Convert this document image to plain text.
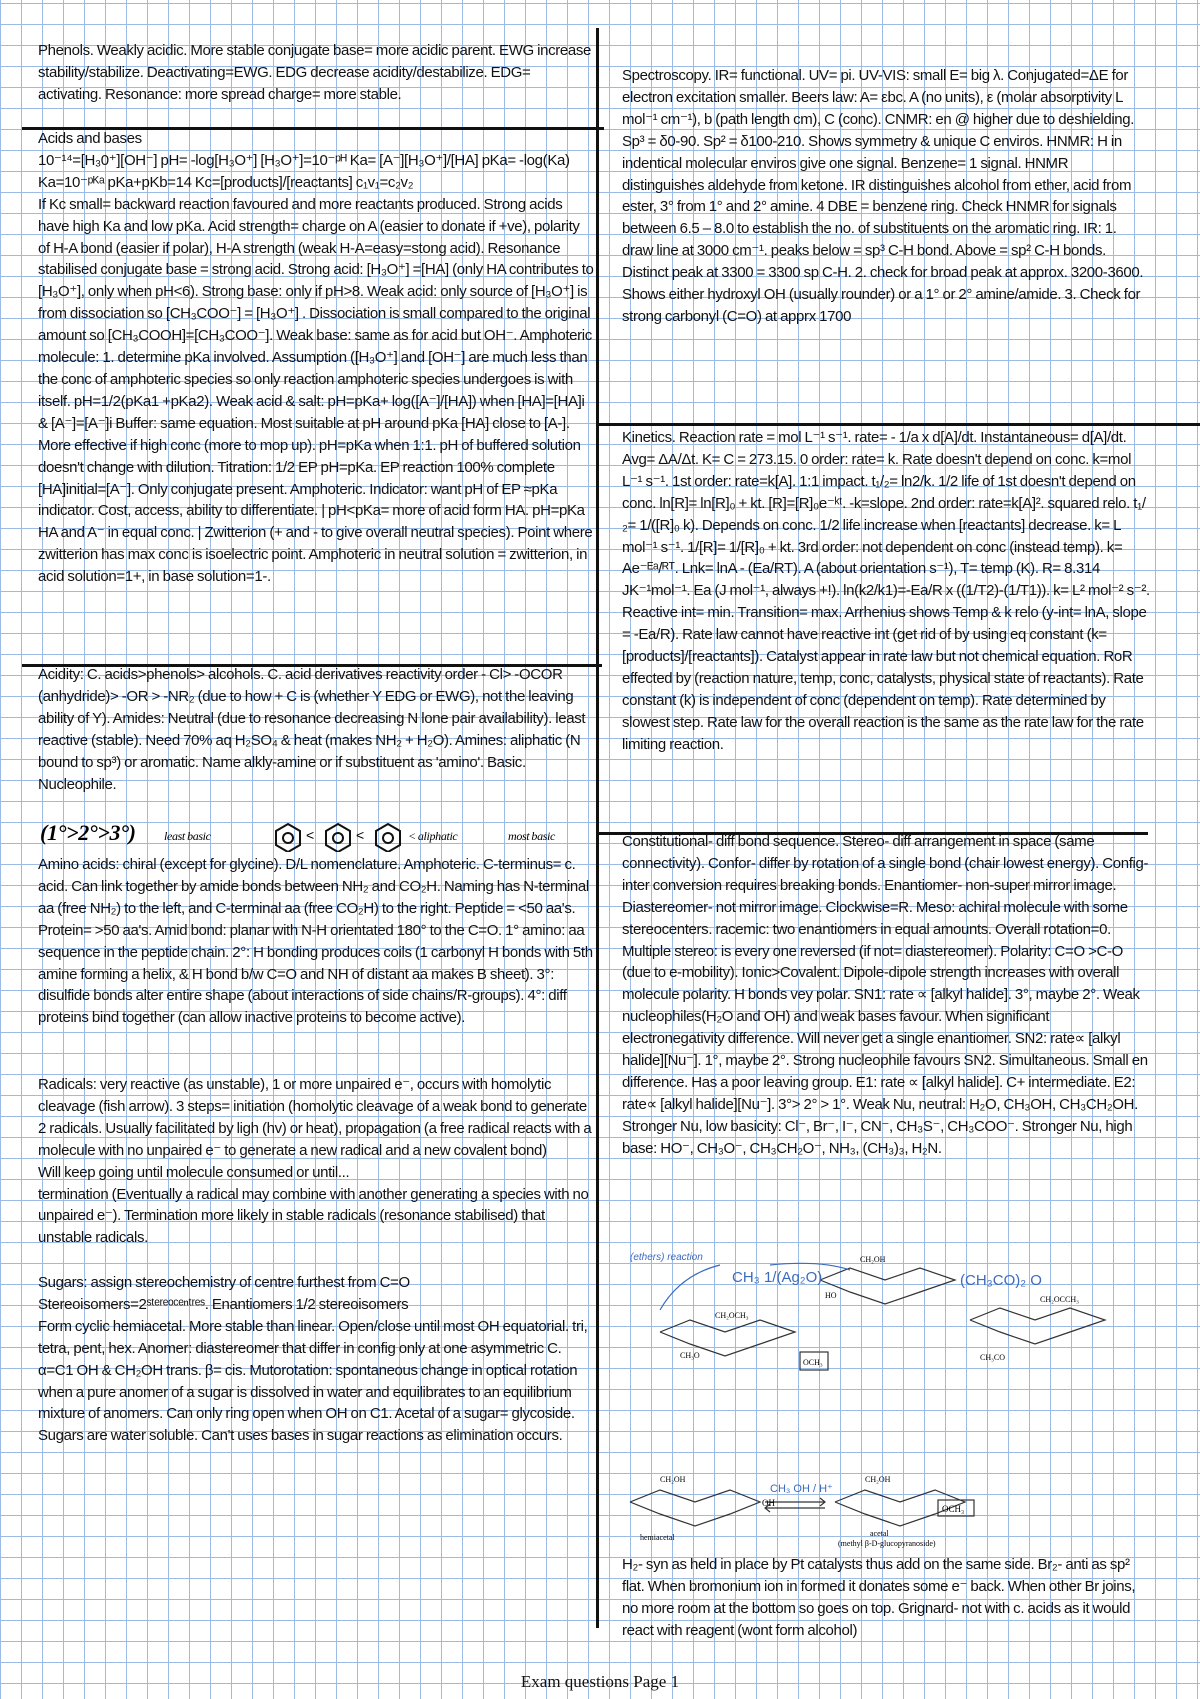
Phenols. Weakly acidic. More stable conjugate base= more acidic parent. EWG increase stability/stabilize. Deactivating=EWG. EDG decrease acidity/destabilize. EDG= activating. Resonance: more spread charge= more stable.

Acids and bases

10⁻¹⁴=[H₃0⁺][OH⁻] pH= -log[H₃O⁺] [H₃O⁺]=10⁻ᵖᴴ Ka= [A⁻][H₃O⁺]/[HA] pKa= -log(Ka) Ka=10⁻ᵖᴷᵃ pKa+pKb=14 Kc=[products]/[reactants] c₁v₁=c₂v₂

If Kc small= backward reaction favoured and more reactants produced. Strong acids have high Ka and low pKa. Acid strength= charge on A (easier to donate if +ve), polarity of H-A bond (easier if polar), H-A strength (weak H-A=easy=stong acid). Resonance stabilised conjugate base = strong acid. Strong acid: [H₃O⁺] =[HA] (only HA contributes to [H₃O⁺], only when pH<6). Strong base: only if pH>8. Weak acid: only source of [H₃O⁺] is from dissociation so [CH₃COO⁻] = [H₃O⁺] . Dissociation is small compared to the original amount so [CH₃COOH]=[CH₃COO⁻]. Weak base: same as for acid but OH⁻. Amphoteric molecule: 1. determine pKa involved. Assumption ([H₃O⁺] and [OH⁻] are much less than the conc of amphoteric species so only reaction amphoteric species undergoes is with itself. pH=1/2(pKa1 +pKa2). Weak acid & salt: pH=pKa+ log([A⁻]/[HA]) when [HA]=[HA]i & [A⁻]=[A⁻]i Buffer: same equation. Most suitable at pH around pKa [HA] close to [A-]. More effective if high conc (more to mop up). pH=pKa when 1:1. pH of buffered solution doesn't change with dilution. Titration: 1/2 EP pH=pKa. EP reaction 100% complete [HA]initial=[A⁻]. Only conjugate present. Amphoteric. Indicator: want pH of EP ≈pKa indicator. Cost, access, ability to differentiate. | pH<pKa= more of acid form HA. pH=pKa HA and A⁻ in equal conc. | Zwitterion (+ and - to give overall neutral species). Point where zwitterion has max conc is isoelectric point. Amphoteric in neutral solution = zwitterion, in acid solution=1+, in base solution=1-.

Acidity: C. acids>phenols> alcohols. C. acid derivatives reactivity order - Cl> -OCOR (anhydride)> -OR > -NR₂ (due to how + C is (whether Y EDG or EWG), not the leaving ability of Y). Amides: Neutral (due to resonance decreasing N lone pair availability). least reactive (stable). Need 70% aq H₂SO₄ & heat (makes NH₂ + H₂O). Amines: aliphatic (N bound to sp³) or aromatic. Name alkly-amine or if substituent as 'amino'. Basic. Nucleophile.

(1°>2°>3°) least basic	<	<	< aliphatic	most basic

Amino acids: chiral (except for glycine). D/L nomenclature. Amphoteric. C-terminus= c. acid. Can link together by amide bonds between NH₂ and CO₂H. Naming has N-terminal aa (free NH₂) to the left, and C-terminal aa (free CO₂H) to the right. Peptide = <50 aa's. Protein= >50 aa's. Amid bond: planar with N-H orientated 180° to the C=O. 1° amino: aa sequence in the peptide chain. 2°: H bonding produces coils (1 carbonyl H bonds with 5th amine forming a helix, & H bond b/w C=O and NH of distant aa makes B sheet). 3°: disulfide bonds alter entire shape (about interactions of side chains/R-groups). 4°: diff proteins bind together (can allow inactive proteins to become active).

Radicals: very reactive (as unstable), 1 or more unpaired e⁻, occurs with homolytic cleavage (fish arrow). 3 steps= initiation (homolytic cleavage of a weak bond to generate 2 radicals. Usually facilitated by ligh (hv) or heat), propagation (a free radical reacts with a molecule with no unpaired e⁻ to generate a new radical and a new covalent bond)

Will keep going until molecule consumed or until...

termination (Eventually a radical may combine with another generating a species with no unpaired e⁻). Termination more likely in stable radicals (resonance stabilised) that unstable radicals.

Sugars: assign stereochemistry of centre furthest from C=O

Stereoisomers=2ˢᵗᵉʳᵉᵒᶜᵉⁿᵗʳᵉˢ. Enantiomers 1/2 stereoisomers

Form cyclic hemiacetal. More stable than linear. Open/close until most OH equatorial. tri, tetra, pent, hex. Anomer: diastereomer that differ in config only at one asymmetric C. α=C1 OH & CH₂OH trans. β= cis. Mutorotation: spontaneous change in optical rotation when a pure anomer of a sugar is dissolved in water and equilibrates to an equilibrium mixture of anomers. Can only ring open when OH on C1. Acetal of a sugar= glycoside. Sugars are water soluble. Can't uses bases in sugar reactions as elimination occurs.

Spectroscopy. IR= functional. UV= pi. UV-VIS: small E= big λ. Conjugated=ΔE for electron excitation smaller. Beers law: A= εbc. A (no units), ε (molar absorptivity L mol⁻¹ cm⁻¹), b (path length cm), C (conc). CNMR: en @ higher due to deshielding. Sp³ = δ0-90. Sp² = δ100-210. Shows symmetry & unique C enviros. HNMR: H in indentical molecular enviros give one signal. Benzene= 1 signal. HNMR distinguishes aldehyde from ketone. IR distinguishes alcohol from ether, acid from ester, 3° from 1° and 2° amine. 4 DBE = benzene ring. Check HNMR for signals between 6.5 – 8.0 to establish the no. of substituents on the aromatic ring. IR: 1. draw line at 3000 cm⁻¹. peaks below = sp³ C-H bond. Above = sp² C-H bonds. Distinct peak at 3300 = 3300 sp C-H. 2. check for broad peak at approx. 3200-3600. Shows either hydroxyl OH (usually rounder) or a 1° or 2° amine/amide. 3. Check for strong carbonyl (C=O) at apprx 1700

Kinetics. Reaction rate = mol L⁻¹ s⁻¹. rate= - 1/a x d[A]/dt. Instantaneous= d[A]/dt. Avg= ΔA/Δt. K= C = 273.15. 0 order: rate= k. Rate doesn't depend on conc. k=mol L⁻¹ s⁻¹. 1st order: rate=k[A]. 1:1 impact. t₁/₂= ln2/k. 1/2 life of 1st doesn't depend on conc. ln[R]= ln[R]₀ + kt. [R]=[R]₀e⁻ᵏᵗ. -k=slope. 2nd order: rate=k[A]². squared relo. t₁/₂= 1/([R]₀ k). Depends on conc. 1/2 life increase when [reactants] decrease. k= L mol⁻¹ s⁻¹. 1/[R]= 1/[R]₀ + kt. 3rd order: not dependent on conc (instead temp). k= Ae⁻ᴱᵃ/ᴿᵀ. Lnk= lnA - (Ea/RT). A (about orientation s⁻¹), T= temp (K). R= 8.314 JK⁻¹mol⁻¹. Ea (J mol⁻¹, always +!). ln(k2/k1)=-Ea/R x ((1/T2)-(1/T1)). k= L² mol⁻² s⁻². Reactive int= min. Transition= max. Arrhenius shows Temp & k relo (y-int= lnA, slope = -Ea/R). Rate law cannot have reactive int (get rid of by using eq constant (k=[products]/[reactants]). Catalyst appear in rate law but not chemical equation. RoR effected by (reaction nature, temp, conc, catalysts, physical state of reactants). Rate constant (k) is independent of conc (dependent on temp). Rate determined by slowest step. Rate law for the overall reaction is the same as the rate law for the rate limiting reaction.

Constitutional- diff bond sequence. Stereo- diff arrangement in space (same connectivity). Confor- differ by rotation of a single bond (chair lowest energy). Config- inter conversion requires breaking bonds. Enantiomer- non-super mirror image. Diastereomer- not mirror image. Clockwise=R. Meso: achiral molecule with some stereocenters. racemic: two enantiomers in equal amounts. Overall rotation=0. Multiple stereo: is every one reversed (if not= diastereomer). Polarity: C=O >C-O (due to e-mobility). Ionic>Covalent. Dipole-dipole strength increases with overall molecule polarity. H bonds vey polar. SN1: rate ∝ [alkyl halide]. 3°, maybe 2°. Weak nucleophiles(H₂O and OH) and weak bases favour. When significant electronegativity difference. Will never get a single enantiomer. SN2: rate∝ [alkyl halide][Nu⁻]. 1°, maybe 2°. Strong nucleophile favours SN2. Simultaneous. Small en difference. Has a poor leaving group. E1: rate ∝ [alkyl halide]. C+ intermediate. E2: rate∝ [alkyl halide][Nu⁻]. 3°> 2° > 1°. Weak Nu, neutral: H₂O, CH₃OH, CH₃CH₂OH. Stronger Nu, low basicity: Cl⁻, Br⁻, I⁻, CN⁻, CH₃S⁻, CH₃COO⁻. Stronger Nu, high base: HO⁻, CH₃O⁻, CH₃CH₂O⁻, NH₃, (CH₃)₃, H₂N.

(ethers) reaction
CH₃ 1/(Ag₂O)	(CH₃CO)₂ O
CH₃O
CH₂OCH₃
CH₂OH
HO	CH₂OCCH₃
CH₃CO
OCH₃
CH₃ OH / H⁺
hemiacetal	acetal
(methyl β-D-glucopyranoside)
CH₂OH	CH₂OH
OH
OCH₃

H₂- syn as held in place by Pt catalysts thus add on the same side. Br₂- anti as sp² flat. When bromonium ion in formed it donates some e⁻ back. When other Br joins, no more room at the bottom so goes on top. Grignard- not with c. acids as it would react with reagent (wont form alcohol)

Exam questions Page 1
